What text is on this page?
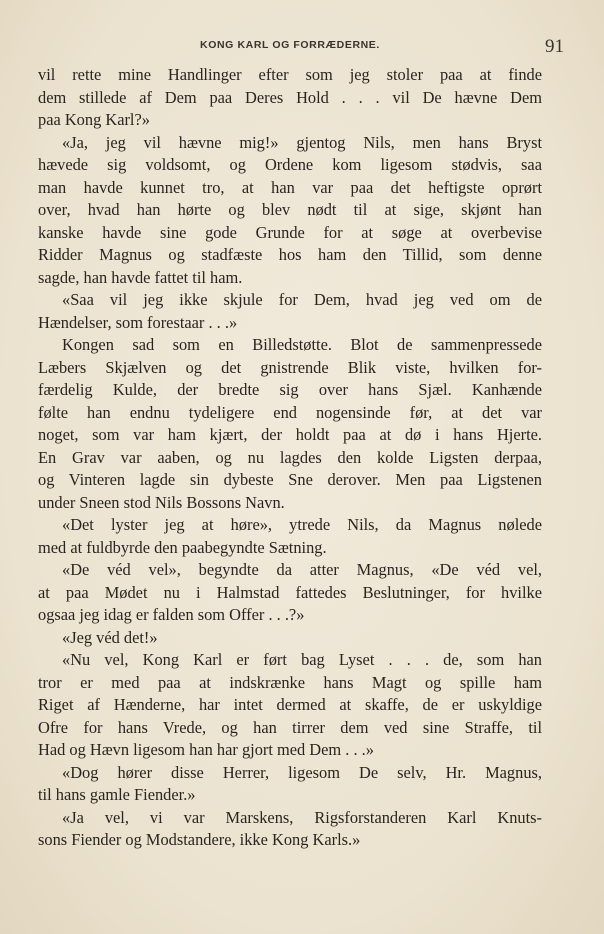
KONG KARL OG FORRÆDERNE.	91
vil rette mine Handlinger efter som jeg stoler paa at finde
dem stillede af Dem paa Deres Hold . . . vil De hævne Dem
paa Kong Karl?»
«Ja, jeg vil hævne mig!» gjentog Nils, men hans Bryst
hævede sig voldsomt, og Ordene kom ligesom stødvis, saa
man havde kunnet tro, at han var paa det heftigste oprørt
over, hvad han hørte og blev nødt til at sige, skjønt han
kanske havde sine gode Grunde for at søge at overbevise
Ridder Magnus og stadfæste hos ham den Tillid, som denne
sagde, han havde fattet til ham.
«Saa vil jeg ikke skjule for Dem, hvad jeg ved om de
Hændelser, som forestaar . . .»
Kongen sad som en Billedstøtte. Blot de sammenpressede
Læbers Skjælven og det gnistrende Blik viste, hvilken for-
færdelig Kulde, der bredte sig over hans Sjæl. Kanhænde
følte han endnu tydeligere end nogensinde før, at det var
noget, som var ham kjært, der holdt paa at dø i hans Hjerte.
En Grav var aaben, og nu lagdes den kolde Ligsten derpaa,
og Vinteren lagde sin dybeste Sne derover. Men paa Ligstenen
under Sneen stod Nils Bossons Navn.
«Det lyster jeg at høre», ytrede Nils, da Magnus nølede
med at fuldbyrde den paabegyndte Sætning.
«De véd vel», begyndte da atter Magnus, «De véd vel,
at paa Mødet nu i Halmstad fattedes Beslutninger, for hvilke
ogsaa jeg idag er falden som Offer . . .?»
«Jeg véd det!»
«Nu vel, Kong Karl er ført bag Lyset . . . de, som han
tror er med paa at indskrænke hans Magt og spille ham
Riget af Hænderne, har intet dermed at skaffe, de er uskyldige
Ofre for hans Vrede, og han tirrer dem ved sine Straffe, til
Had og Hævn ligesom han har gjort med Dem . . .»
«Dog hører disse Herrer, ligesom De selv, Hr. Magnus,
til hans gamle Fiender.»
«Ja vel, vi var Marskens, Rigsforstanderen Karl Knuts-
sons Fiender og Modstandere, ikke Kong Karls.»
